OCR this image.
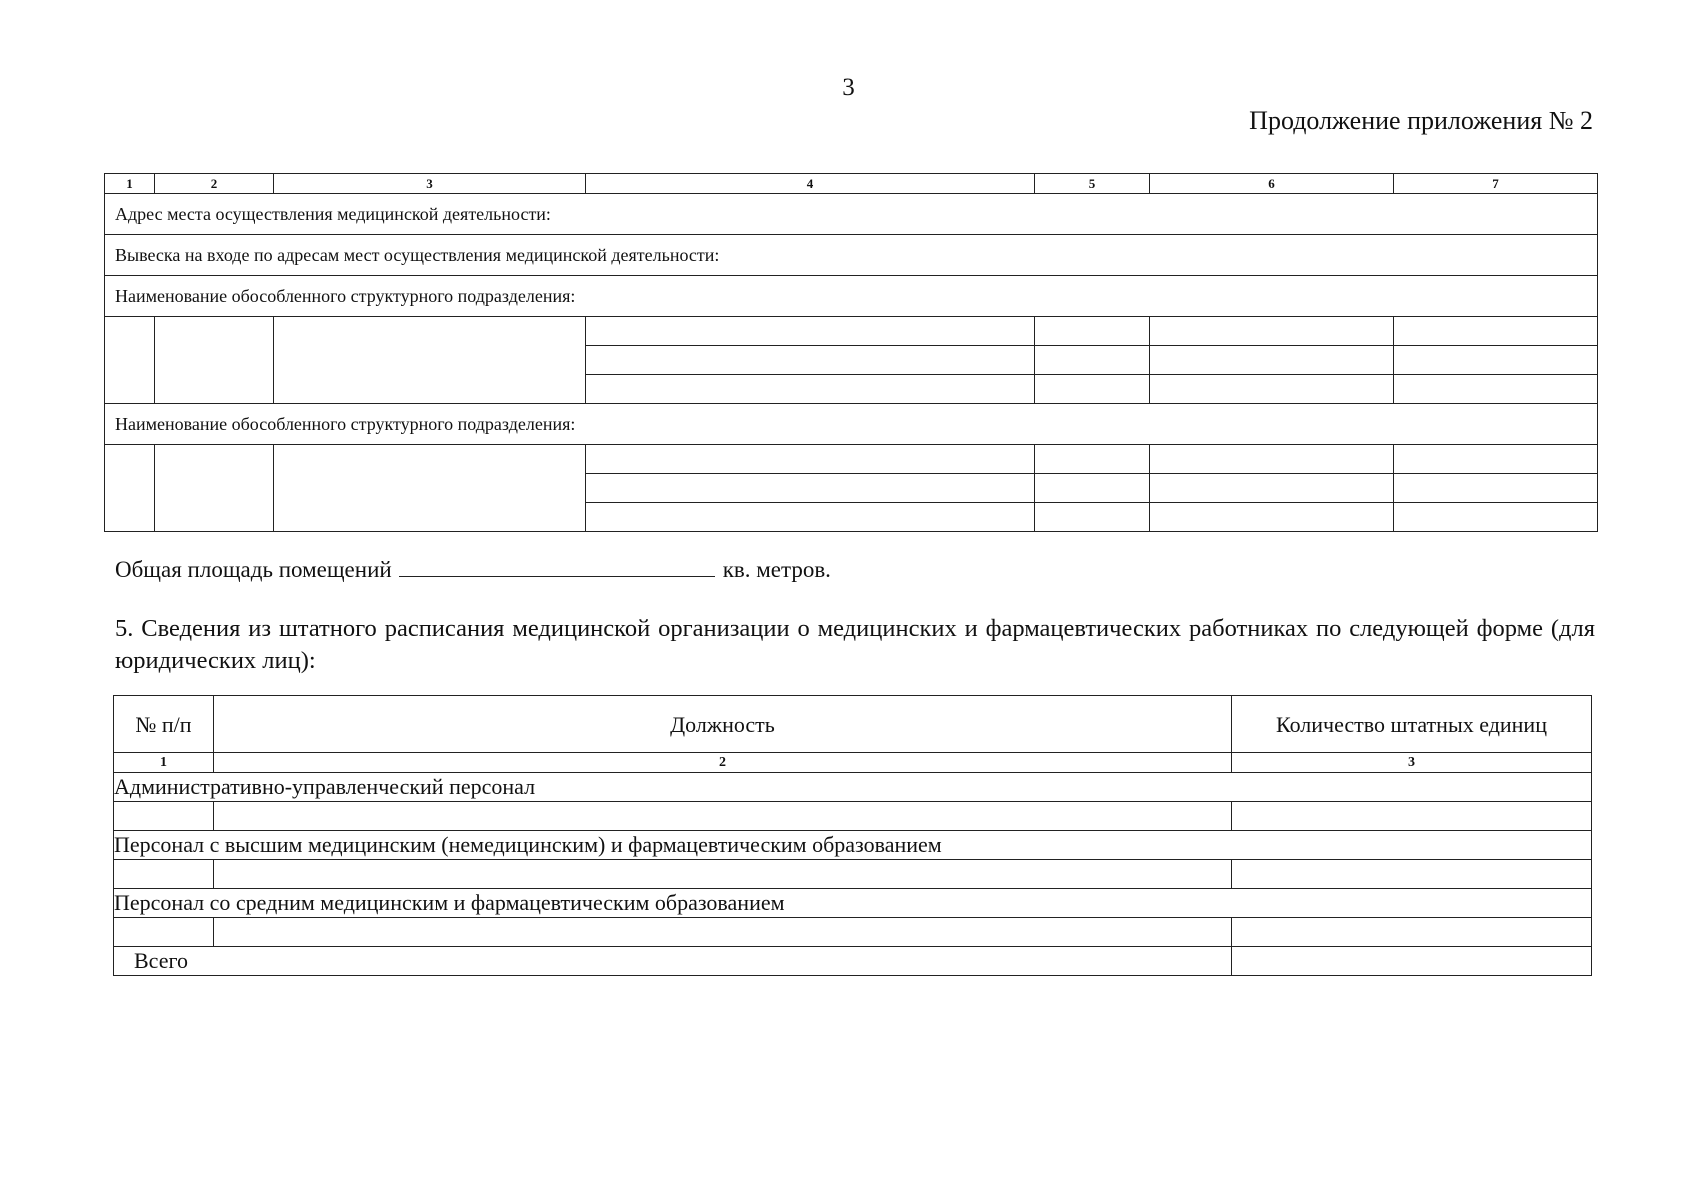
3
Продолжение приложения № 2
1	2	3	4	5	6	7
Адрес места осуществления медицинской деятельности:						
Вывеска на входе по адресам мест осуществления медицинской деятельности:						
Наименование обособленного структурного подразделения:						

Наименование обособленного структурного подразделения:						

Общая площадь помещений	кв. метров.
5. Сведения из штатного расписания медицинской организации о медицинских и фармацевтических работниках по следующей форме (для юридических лиц):
№ п/п	Должность	Количество штатных единиц
1	2	3
Административно-управленческий персонал		

Персонал с высшим медицинским (немедицинским) и фармацевтическим образованием		

Персонал со средним медицинским и фармацевтическим образованием		

Всего		
